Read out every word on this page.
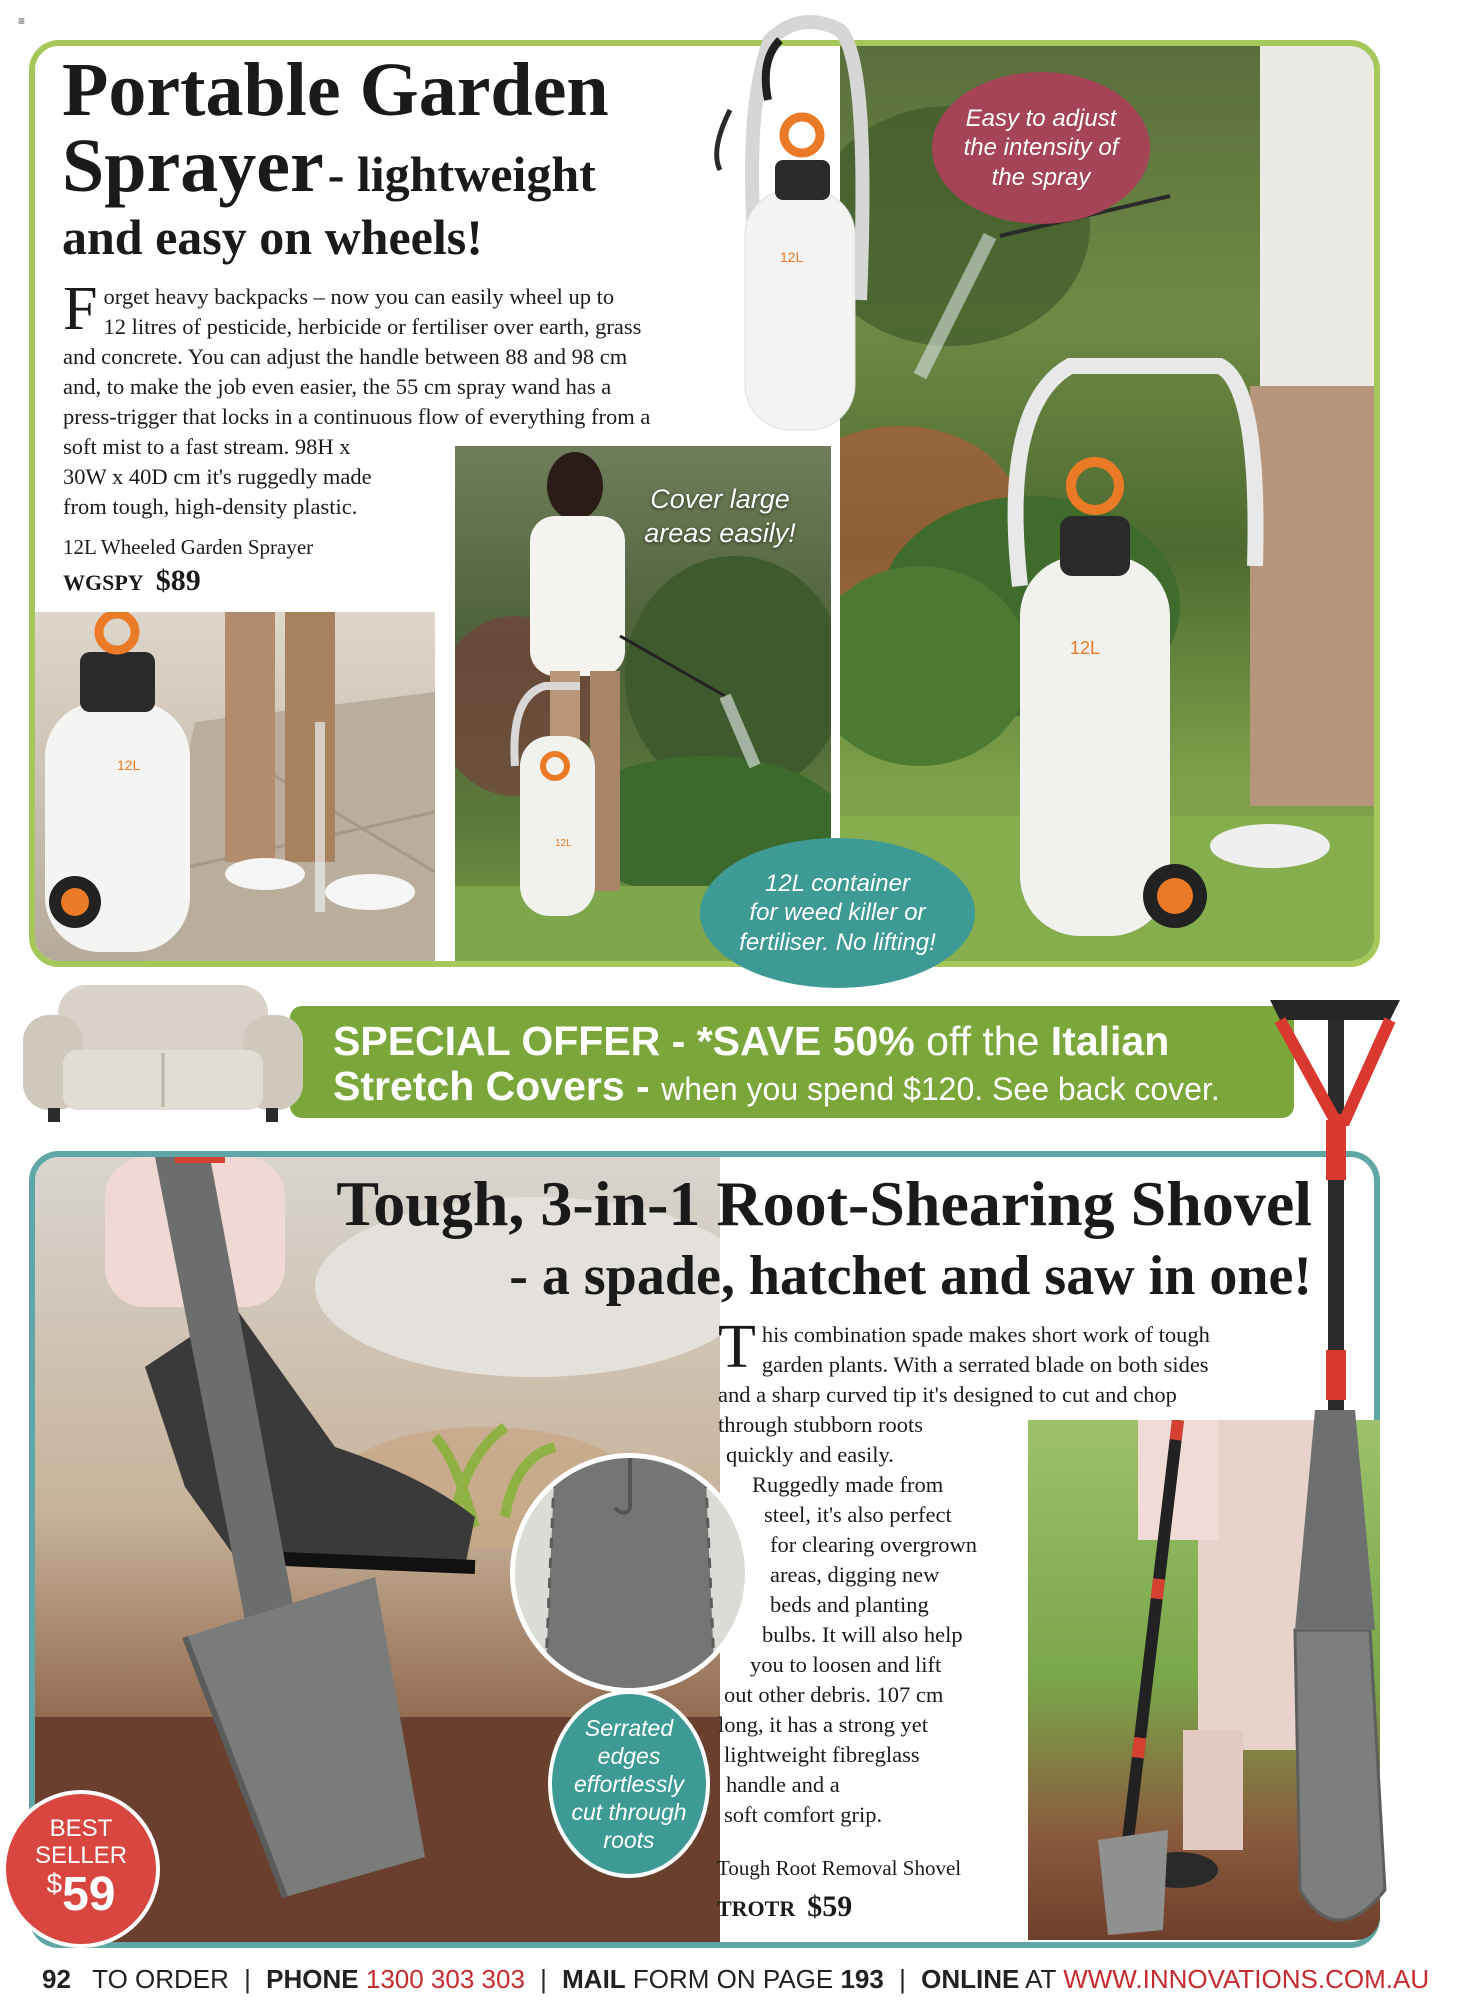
≡
12L
12L
12L
12L
Portable Garden
Sprayer - lightweight
and easy on wheels!
F orget heavy backpacks – now you can easily wheel up to
12 litres of pesticide, herbicide or fertiliser over earth, grass
and concrete. You can adjust the handle between 88 and 98 cm
and, to make the job even easier, the 55 cm spray wand has a
press-trigger that locks in a continuous flow of everything from a
soft mist to a fast stream. 98H x
30W x 40D cm it's ruggedly made
from tough, high-density plastic.
12L Wheeled Garden Sprayer
WGSPY $89
Easy to adjust
the intensity of
the spray
Cover large
areas easily!
12L container
for weed killer or
fertiliser. No lifting!
SPECIAL OFFER - *SAVE 50% off the Italian
Stretch Covers - when you spend $120. See back cover.
Tough, 3-in-1 Root-Shearing Shovel
- a spade, hatchet and saw in one!
T his combination spade makes short work of tough
garden plants. With a serrated blade on both sides
and a sharp curved tip it's designed to cut and chop
through stubborn roots
quickly and easily.
Ruggedly made from
steel, it's also perfect
for clearing overgrown
areas, digging new
beds and planting
bulbs. It will also help
you to loosen and lift
out other debris. 107 cm
long, it has a strong yet
lightweight fibreglass
handle and a
soft comfort grip.
Tough Root Removal Shovel
TROTR $59
Serrated
edges
effortlessly
cut through
roots
BEST
SELLER
$59
92 TO ORDER | PHONE 1300 303 303 | MAIL FORM ON PAGE 193 | ONLINE AT WWW.INNOVATIONS.COM.AU
